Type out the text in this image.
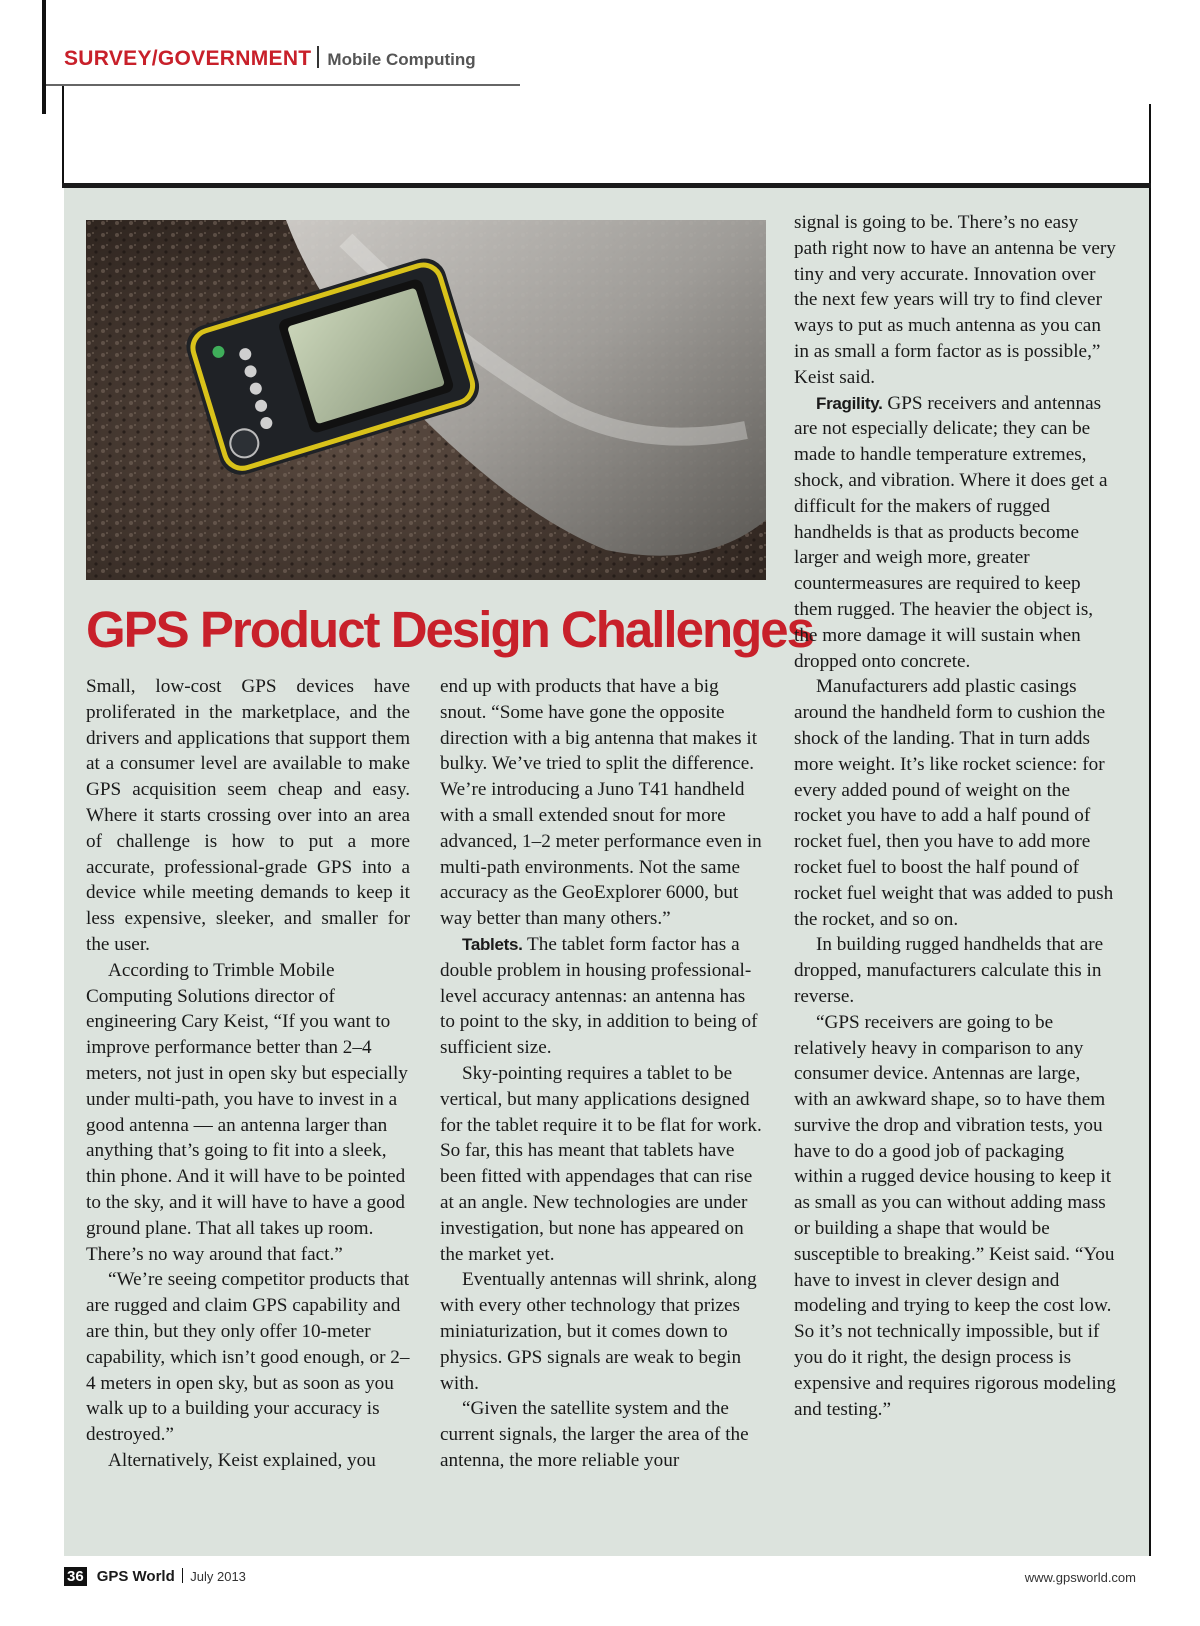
SURVEY/GOVERNMENT Mobile Computing
GPS Product Design Challenges

Small, low-cost GPS devices have proliferated in the marketplace, and the drivers and applications that support them at a consumer level are available to make GPS acquisition seem cheap and easy. Where it starts crossing over into an area of challenge is how to put a more accurate, professional-grade GPS into a device while meeting demands to keep it less expensive, sleeker, and smaller for the user.

According to Trimble Mobile Computing Solutions director of engineering Cary Keist, “If you want to improve performance better than 2–4 meters, not just in open sky but especially under multi-path, you have to invest in a good antenna — an antenna larger than anything that’s going to fit into a sleek, thin phone. And it will have to be pointed to the sky, and it will have to have a good ground plane. That all takes up room. There’s no way around that fact.”

“We’re seeing competitor products that are rugged and claim GPS capability and are thin, but they only offer 10-meter capability, which isn’t good enough, or 2–4 meters in open sky, but as soon as you walk up to a building your accuracy is destroyed.”

Alternatively, Keist explained, you

end up with products that have a big snout. “Some have gone the opposite direction with a big antenna that makes it bulky. We’ve tried to split the difference. We’re introducing a Juno T41 handheld with a small extended snout for more advanced, 1–2 meter performance even in multi-path environments. Not the same accuracy as the GeoExplorer 6000, but way better than many others.”

Tablets. The tablet form factor has a double problem in housing professional-level accuracy antennas: an antenna has to point to the sky, in addition to being of sufficient size.

Sky-pointing requires a tablet to be vertical, but many applications designed for the tablet require it to be flat for work. So far, this has meant that tablets have been fitted with appendages that can rise at an angle. New technologies are under investigation, but none has appeared on the market yet.

Eventually antennas will shrink, along with every other technology that prizes miniaturization, but it comes down to physics. GPS signals are weak to begin with.

“Given the satellite system and the current signals, the larger the area of the antenna, the more reliable your

signal is going to be. There’s no easy path right now to have an antenna be very tiny and very accurate. Innovation over the next few years will try to find clever ways to put as much antenna as you can in as small a form factor as is possible,” Keist said.

Fragility. GPS receivers and antennas are not especially delicate; they can be made to handle temperature extremes, shock, and vibration. Where it does get a difficult for the makers of rugged handhelds is that as products become larger and weigh more, greater countermeasures are required to keep them rugged. The heavier the object is, the more damage it will sustain when dropped onto concrete.

Manufacturers add plastic casings around the handheld form to cushion the shock of the landing. That in turn adds more weight. It’s like rocket science: for every added pound of weight on the rocket you have to add a half pound of rocket fuel, then you have to add more rocket fuel to boost the half pound of rocket fuel weight that was added to push the rocket, and so on.

In building rugged handhelds that are dropped, manufacturers calculate this in reverse.

“GPS receivers are going to be relatively heavy in comparison to any consumer device. Antennas are large, with an awkward shape, so to have them survive the drop and vibration tests, you have to do a good job of packaging within a rugged device housing to keep it as small as you can without adding mass or building a shape that would be susceptible to breaking.” Keist said. “You have to invest in clever design and modeling and trying to keep the cost low. So it’s not technically impossible, but if you do it right, the design process is expensive and requires rigorous modeling and testing.”

36 GPS World July 2013	www.gpsworld.com
